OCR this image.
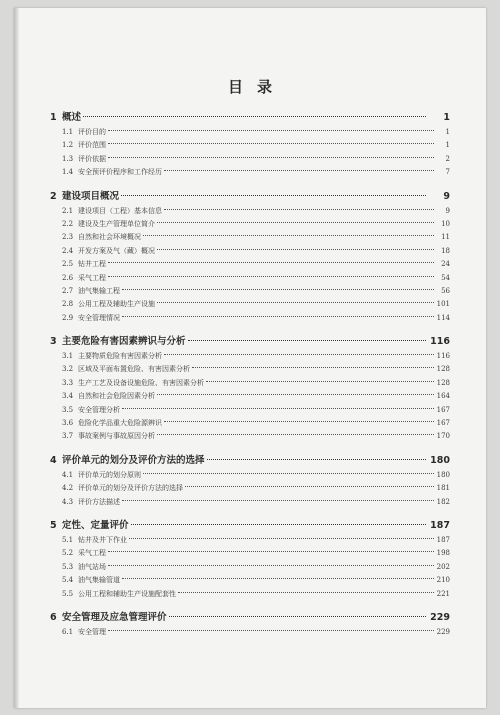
目录
1 概述	1
1.1 评价目的	1
1.2 评价范围	1
1.3 评价依据	2
1.4 安全预评价程序和工作经历	7
2 建设项目概况	9
2.1 建设项目（工程）基本信息	9
2.2 建设及生产管理单位简介	10
2.3 自然和社会环境概况	11
2.4 开发方案及气（藏）概况	18
2.5 钻井工程	24
2.6 采气工程	54
2.7 油气集输工程	56
2.8 公用工程及辅助生产设施	101
2.9 安全管理情况	114
3 主要危险有害因素辨识与分析	116
3.1 主要物质危险有害因素分析	116
3.2 区域及平面布置危险、有害因素分析	128
3.3 生产工艺及设备设施危险、有害因素分析	128
3.4 自然和社会危险因素分析	164
3.5 安全管理分析	167
3.6 危险化学品重大危险源辨识	167
3.7 事故案例与事故原因分析	170
4 评价单元的划分及评价方法的选择	180
4.1 评价单元的划分原则	180
4.2 评价单元的划分及评价方法的选择	181
4.3 评价方法描述	182
5 定性、定量评价	187
5.1 钻井及井下作业	187
5.2 采气工程	198
5.3 油气站场	202
5.4 油气集输管道	210
5.5 公用工程和辅助生产设施配套性	221
6 安全管理及应急管理评价	229
6.1 安全管理	229
